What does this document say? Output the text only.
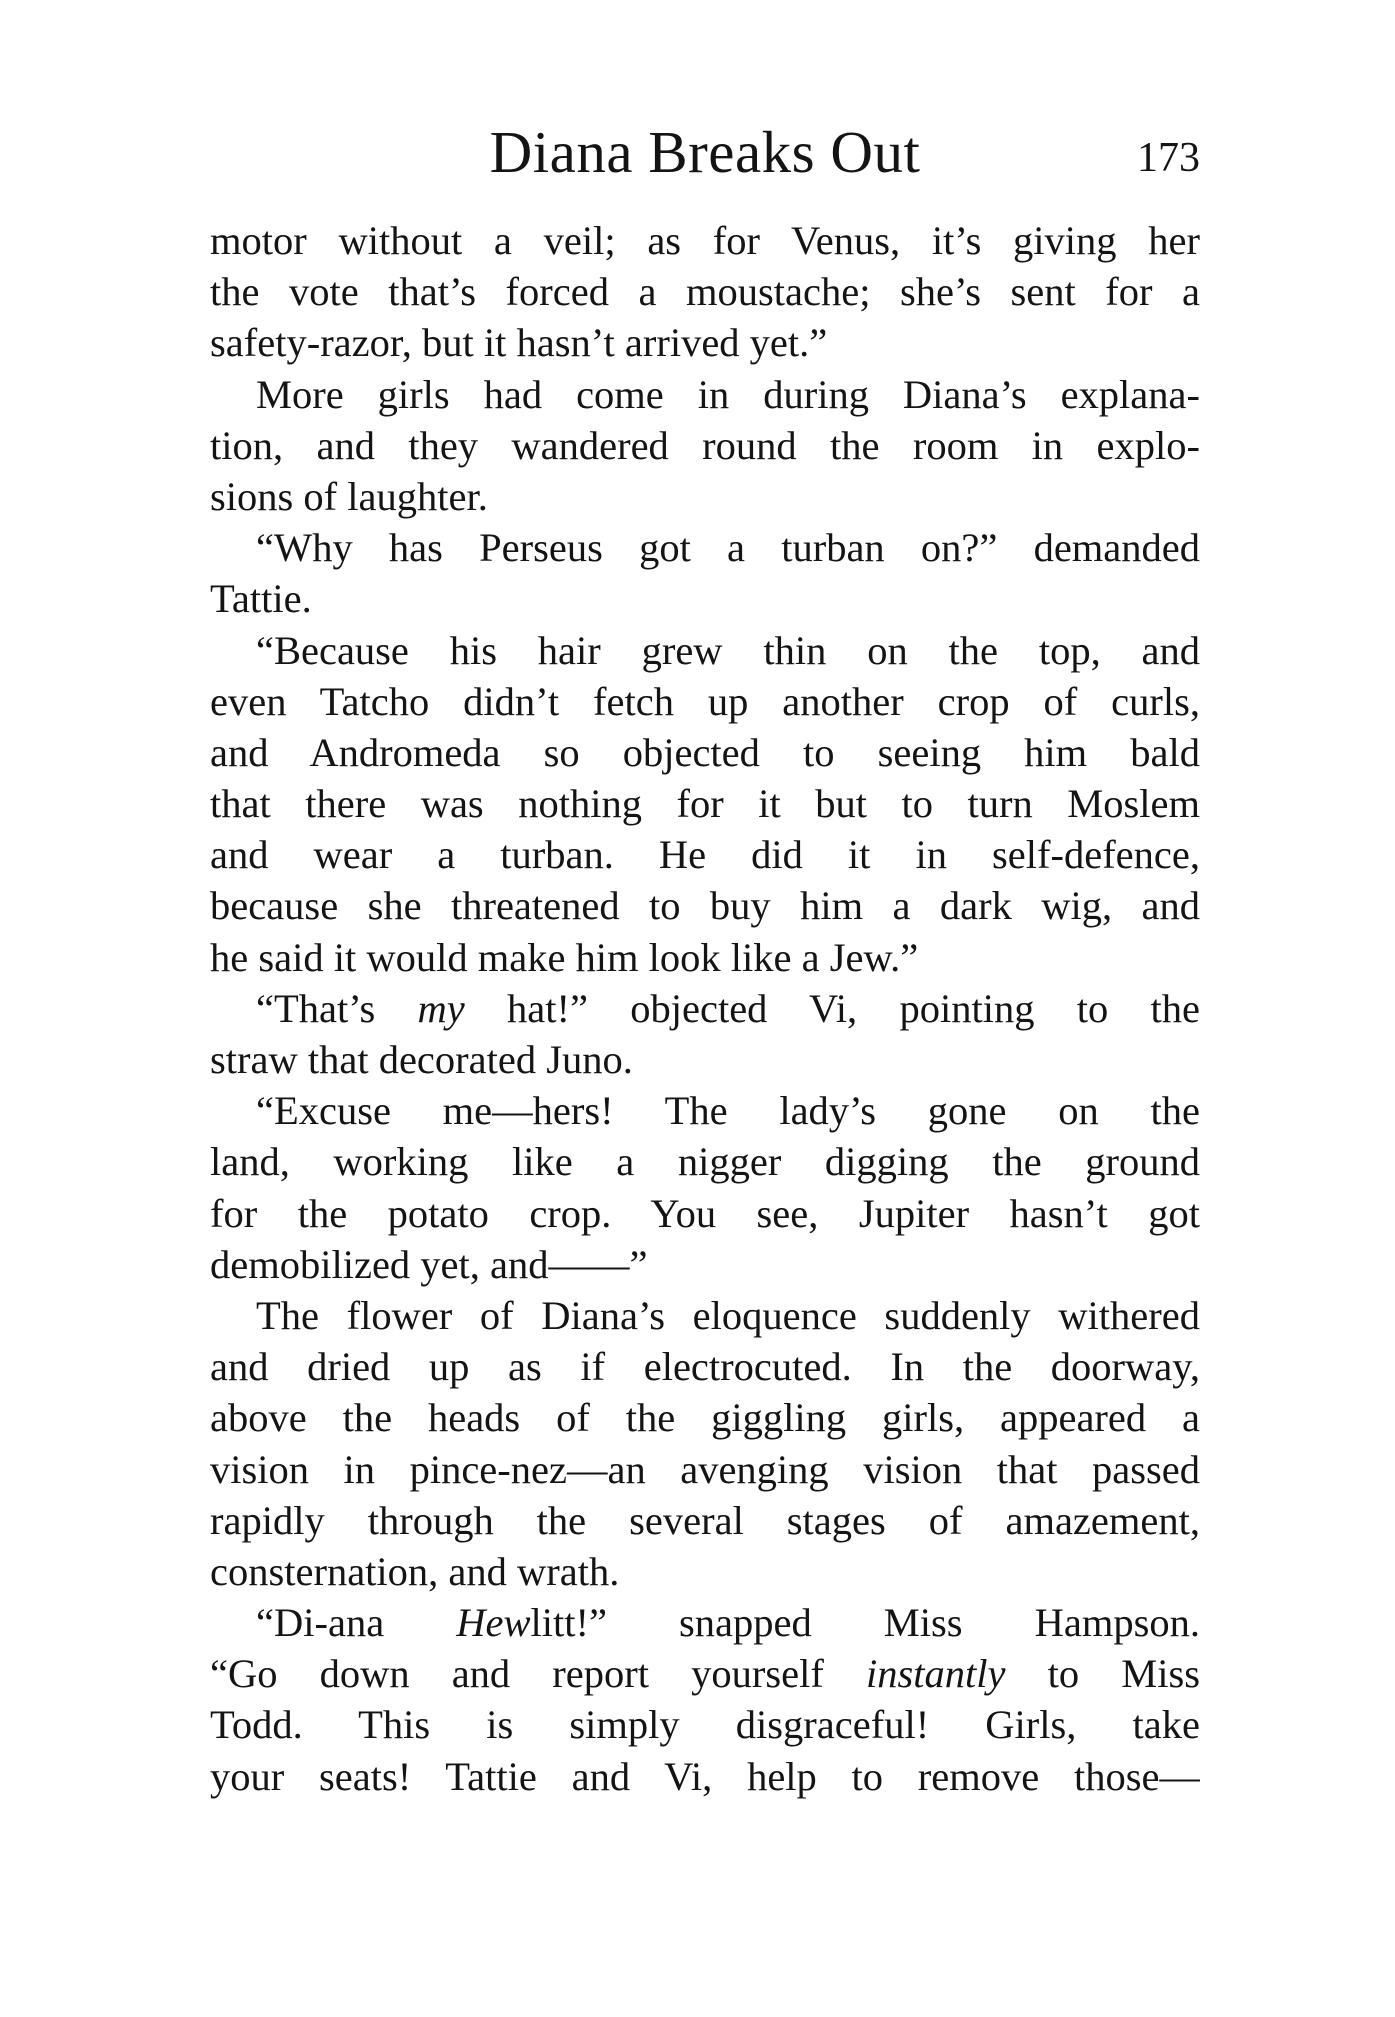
Diana Breaks Out	173
motor without a veil; as for Venus, it’s giving her
the vote that’s forced a moustache; she’s sent for a
safety-razor, but it hasn’t arrived yet.”
More girls had come in during Diana’s explana-
tion, and they wandered round the room in explo-
sions of laughter.
“Why has Perseus got a turban on?” demanded
Tattie.
“Because his hair grew thin on the top, and
even Tatcho didn’t fetch up another crop of curls,
and Andromeda so objected to seeing him bald
that there was nothing for it but to turn Moslem
and wear a turban. He did it in self-defence,
because she threatened to buy him a dark wig, and
he said it would make him look like a Jew.”
“That’s my hat!” objected Vi, pointing to the
straw that decorated Juno.
“Excuse me—hers! The lady’s gone on the
land, working like a nigger digging the ground
for the potato crop. You see, Jupiter hasn’t got
demobilized yet, and——”
The flower of Diana’s eloquence suddenly withered
and dried up as if electrocuted. In the doorway,
above the heads of the giggling girls, appeared a
vision in pince-nez—an avenging vision that passed
rapidly through the several stages of amazement,
consternation, and wrath.
“Di-ana Hewlitt!” snapped Miss Hampson.
“Go down and report yourself instantly to Miss
Todd. This is simply disgraceful! Girls, take
your seats! Tattie and Vi, help to remove those—
